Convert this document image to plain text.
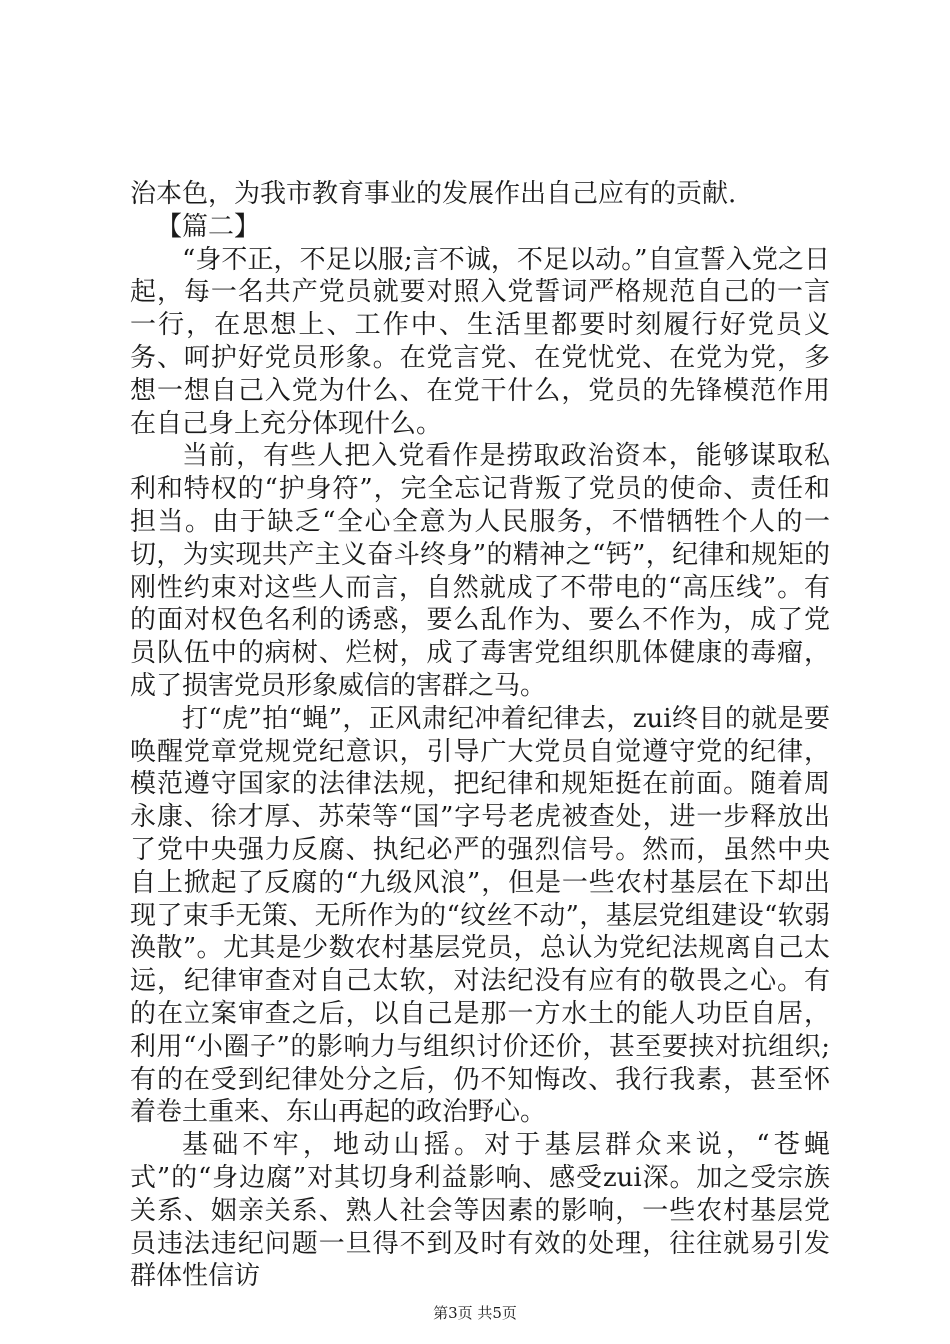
治本色，为我市教育事业的发展作出自己应有的贡献.

【篇二】

“身不正，不足以服;言不诚，不足以动。”自宣誓入党之日起，每一名共产党员就要对照入党誓词严格规范自己的一言一行，在思想上、工作中、生活里都要时刻履行好党员义务、呵护好党员形象。在党言党、在党忧党、在党为党，多想一想自己入党为什么、在党干什么，党员的先锋模范作用在自己身上充分体现什么。

当前，有些人把入党看作是捞取政治资本，能够谋取私利和特权的“护身符”，完全忘记背叛了党员的使命、责任和担当。由于缺乏“全心全意为人民服务，不惜牺牲个人的一切，为实现共产主义奋斗终身”的精神之“钙”，纪律和规矩的刚性约束对这些人而言，自然就成了不带电的“高压线”。有的面对权色名利的诱惑，要么乱作为、要么不作为，成了党员队伍中的病树、烂树，成了毒害党组织肌体健康的毒瘤，成了损害党员形象威信的害群之马。

打“虎”拍“蝇”，正风肃纪冲着纪律去，zui终目的就是要唤醒党章党规党纪意识，引导广大党员自觉遵守党的纪律，模范遵守国家的法律法规，把纪律和规矩挺在前面。随着周永康、徐才厚、苏荣等“国”字号老虎被查处，进一步释放出了党中央强力反腐、执纪必严的强烈信号。然而，虽然中央自上掀起了反腐的“九级风浪”，但是一些农村基层在下却出现了束手无策、无所作为的“纹丝不动”，基层党组建设“软弱涣散”。尤其是少数农村基层党员，总认为党纪法规离自己太远，纪律审查对自己太软，对法纪没有应有的敬畏之心。有的在立案审查之后，以自己是那一方水土的能人功臣自居，利用“小圈子”的影响力与组织讨价还价，甚至要挟对抗组织;有的在受到纪律处分之后，仍不知悔改、我行我素，甚至怀着卷土重来、东山再起的政治野心。

基础不牢，地动山摇。对于基层群众来说，“苍蝇式”的“身边腐”对其切身利益影响、感受zui深。加之受宗族关系、姻亲关系、熟人社会等因素的影响，一些农村基层党员违法违纪问题一旦得不到及时有效的处理，往往就易引发群体性信访

第3页 共5页
